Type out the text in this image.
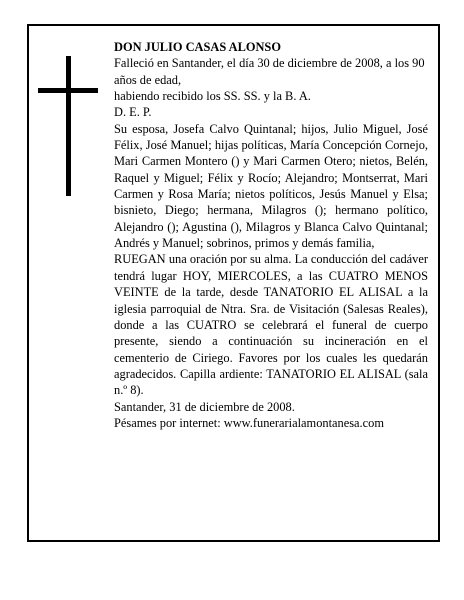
DON JULIO CASAS ALONSO

Falleció en Santander, el día 30 de diciembre de 2008, a los 90 años de edad,

habiendo recibido los SS. SS. y la B. A.

D. E. P.

Su esposa, Josefa Calvo Quintanal; hijos, Julio Miguel, José Félix, José Manuel; hijas políticas, María Concepción Cornejo, Mari Carmen Montero () y Mari Carmen Otero; nietos, Belén, Raquel y Miguel; Félix y Rocío; Alejandro; Montserrat, Mari Carmen y Rosa María; nietos políticos, Jesús Manuel y Elsa; bisnieto, Diego; hermana, Milagros (); hermano político, Alejandro (); Agustina (), Milagros y Blanca Calvo Quintanal; Andrés y Manuel; sobrinos, primos y demás familia,

RUEGAN una oración por su alma. La conducción del cadáver tendrá lugar HOY, MIERCOLES, a las CUATRO MENOS VEINTE de la tarde, desde TANATORIO EL ALISAL a la iglesia parroquial de Ntra. Sra. de Visitación (Salesas Reales), donde a las CUATRO se celebrará el funeral de cuerpo presente, siendo a continuación su incineración en el cementerio de Ciriego. Favores por los cuales les quedarán agradecidos. Capilla ardiente: TANATORIO EL ALISAL (sala n.º 8).

Santander, 31 de diciembre de 2008.

Pésames por internet: www.funerarialamontanesa.com
